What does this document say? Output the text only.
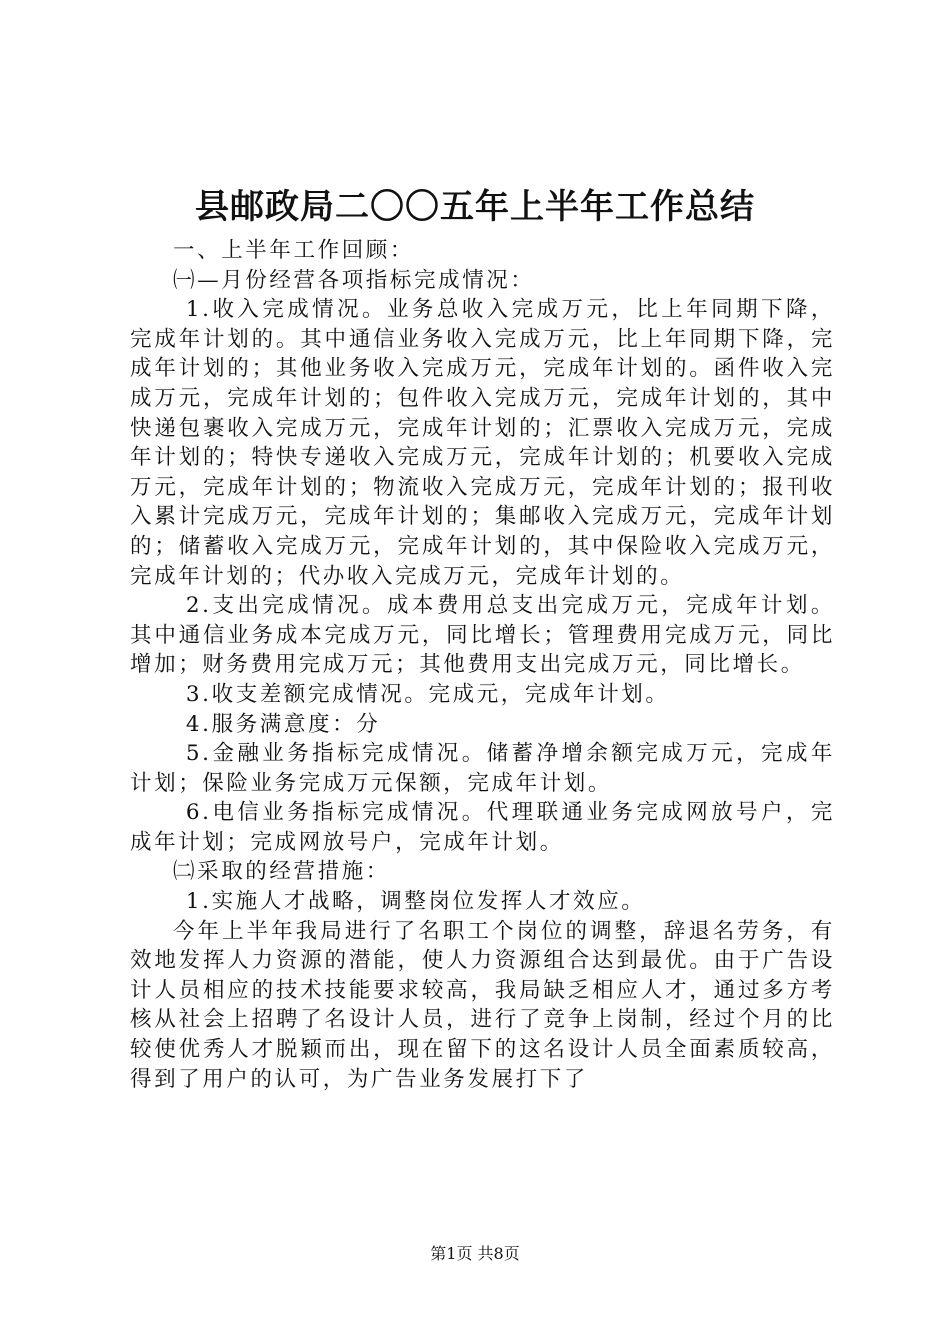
县邮政局二〇〇五年上半年工作总结

一、上半年工作回顾：

㈠—月份经营各项指标完成情况：

1.收入完成情况。业务总收入完成万元，比上年同期下降，完成年计划的。其中通信业务收入完成万元，比上年同期下降，完成年计划的；其他业务收入完成万元，完成年计划的。函件收入完成万元，完成年计划的；包件收入完成万元，完成年计划的，其中快递包裹收入完成万元，完成年计划的；汇票收入完成万元，完成年计划的；特快专递收入完成万元，完成年计划的；机要收入完成万元，完成年计划的；物流收入完成万元，完成年计划的；报刊收入累计完成万元，完成年计划的；集邮收入完成万元，完成年计划的；储蓄收入完成万元，完成年计划的，其中保险收入完成万元，完成年计划的；代办收入完成万元，完成年计划的。

2.支出完成情况。成本费用总支出完成万元，完成年计划。其中通信业务成本完成万元，同比增长；管理费用完成万元，同比增加；财务费用完成万元；其他费用支出完成万元，同比增长。

3.收支差额完成情况。完成元，完成年计划。

4.服务满意度：分

5.金融业务指标完成情况。储蓄净增余额完成万元，完成年计划；保险业务完成万元保额，完成年计划。

6.电信业务指标完成情况。代理联通业务完成网放号户，完成年计划；完成网放号户，完成年计划。

㈡采取的经营措施：

1.实施人才战略，调整岗位发挥人才效应。

今年上半年我局进行了名职工个岗位的调整，辞退名劳务，有效地发挥人力资源的潜能，使人力资源组合达到最优。由于广告设计人员相应的技术技能要求较高，我局缺乏相应人才，通过多方考核从社会上招聘了名设计人员，进行了竞争上岗制，经过个月的比较使优秀人才脱颖而出，现在留下的这名设计人员全面素质较高，得到了用户的认可，为广告业务发展打下了

第1页 共8页
